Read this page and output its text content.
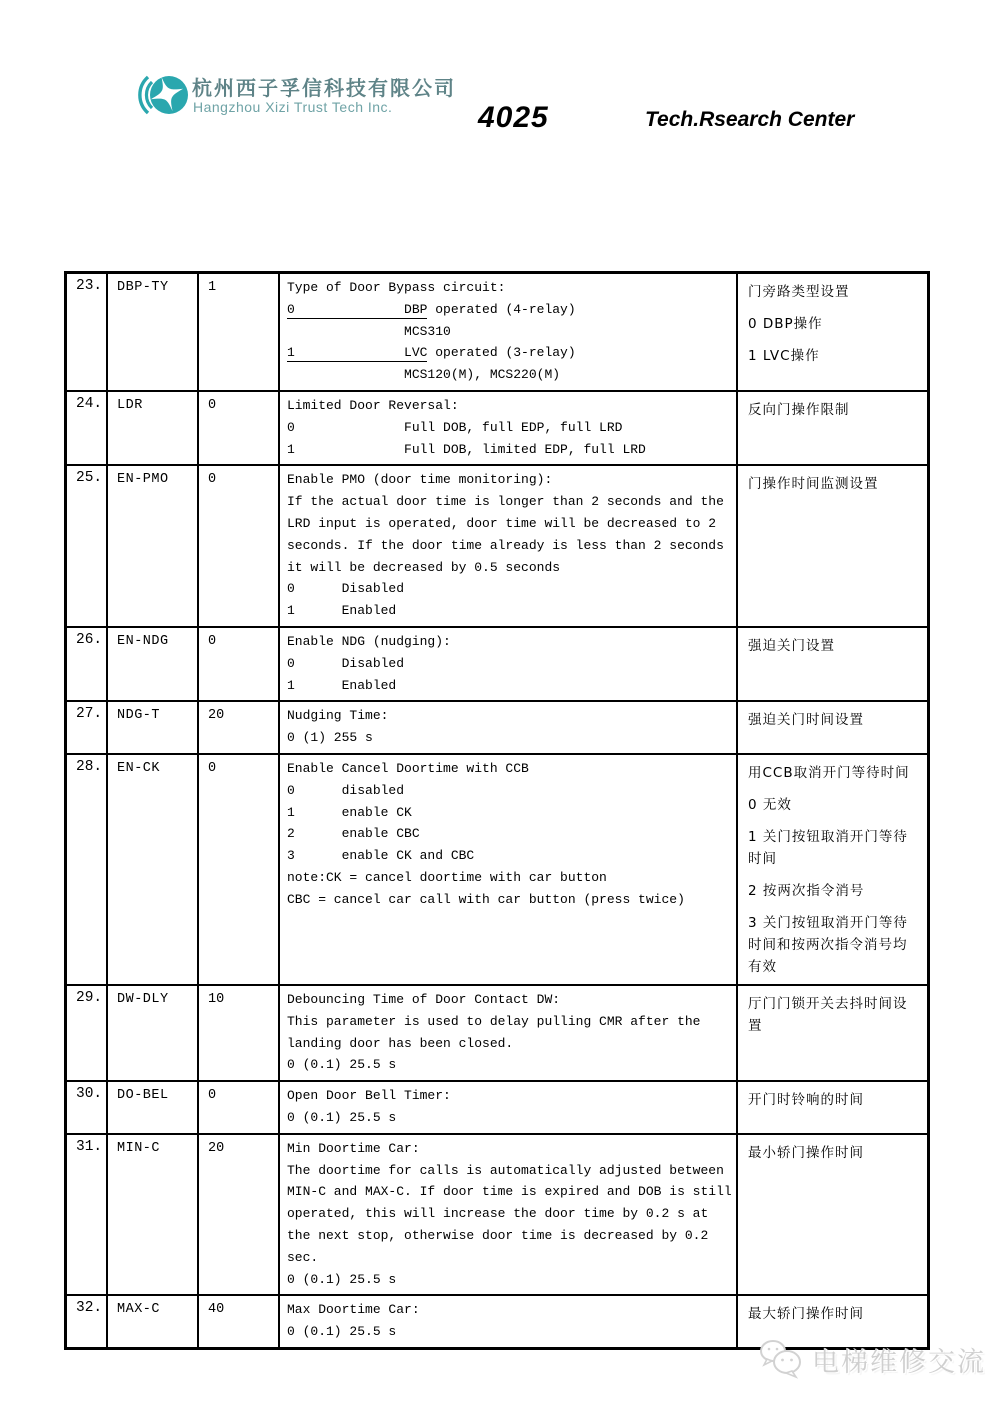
杭州西子孚信科技有限公司
Hangzhou Xizi Trust Tech Inc.	4025	Tech.Rsearch Center
23.	DBP-TY	1	Type of Door Bypass circuit:
0              DBP operated (4-relay)
MCS310
1              LVC operated (3-relay)
MCS120(M), MCS220(M)
门旁路类型设置
0 DBP操作
1 LVC操作
24.	LDR	0	Limited Door Reversal:
0              Full DOB, full EDP, full LRD
1              Full DOB, limited EDP, full LRD
反向门操作限制
25.	EN-PMO	0	Enable PMO (door time monitoring):
If the actual door time is longer than 2 seconds and the
LRD input is operated, door time will be decreased to 2
seconds. If the door time already is less than 2 seconds
it will be decreased by 0.5 seconds
0      Disabled
1      Enabled
门操作时间监测设置
26.	EN-NDG	0	Enable NDG (nudging):
0      Disabled
1      Enabled
强迫关门设置
27.	NDG-T	20	Nudging Time:
0 (1) 255 s
强迫关门时间设置
28.	EN-CK	0	Enable Cancel Doortime with CCB
0      disabled
1      enable CK
2      enable CBC
3      enable CK and CBC
note:CK = cancel doortime with car button
CBC = cancel car call with car button (press twice)
用CCB取消开门等待时间
0 无效
1 关门按钮取消开门等待时间
2 按两次指令消号
3 关门按钮取消开门等待时间和按两次指令消号均有效
29.	DW-DLY	10	Debouncing Time of Door Contact DW:
This parameter is used to delay pulling CMR after the
landing door has been closed.
0 (0.1) 25.5 s
厅门门锁开关去抖时间设置
30.	DO-BEL	0	Open Door Bell Timer:
0 (0.1) 25.5 s
开门时铃响的时间
31.	MIN-C	20	Min Doortime Car:
The doortime for calls is automatically adjusted between
MIN-C and MAX-C. If door time is expired and DOB is still
operated, this will increase the door time by 0.2 s at
the next stop, otherwise door time is decreased by 0.2
sec.
0 (0.1) 25.5 s
最小轿门操作时间
32.	MAX-C	40	Max Doortime Car:
0 (0.1) 25.5 s
最大轿门操作时间
电梯维修交流
